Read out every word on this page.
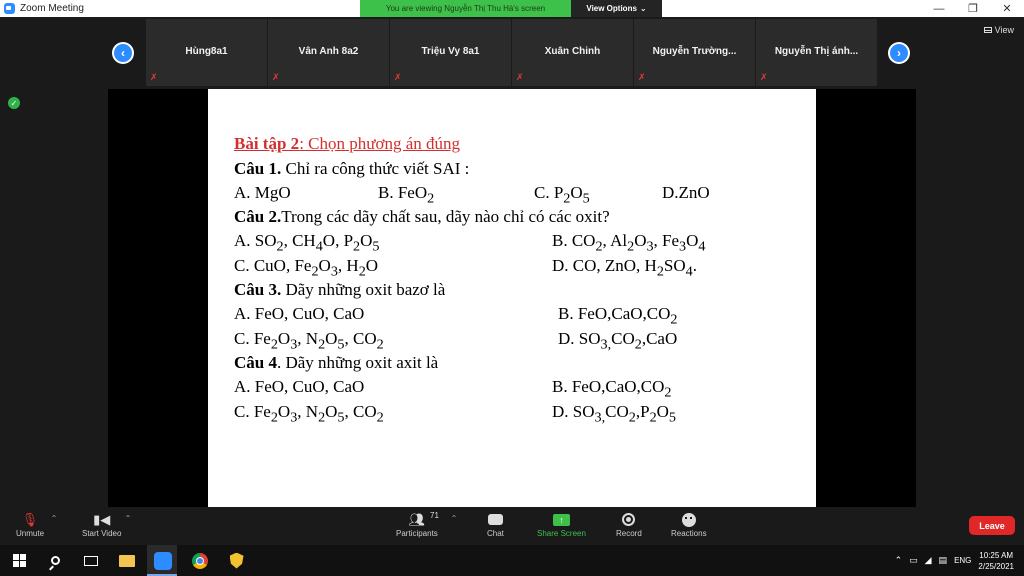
Zoom Meeting	You are viewing Nguyễn Thị Thu Hà's screen	View Options ⌄	—	❐	✕
View
‹	Hùng8a1
✗
Vân Anh 8a2
✗
Triệu Vy 8a1
✗
Xuân Chinh
✗
Nguyễn Trường...
✗
Nguyễn Thị ánh...
✗
›
✓
Bài tập 2: Chọn phương án đúng
Câu 1. Chỉ ra công thức viết SAI :
A. MgO	B. FeO$_2$	C. $P_2O_5$	D.ZnO
Câu 2.Trong các dãy chất sau, dãy nào chỉ có các oxit?
A. $SO_2$, $CH_4O$, $P_2O_5$	B. $CO_2$, $Al_2O_3$, $Fe_3O_4$
C. CuO, $Fe_2O_3$, $H_2O$	D. CO, ZnO, $H_2SO_4$.
Câu 3. Dãy những oxit bazơ là
A. FeO, CuO, CaO	B. $FeO,CaO,CO_2$
C. $Fe_2O_3$, $N_2O_5$, $CO_2$	D. $SO_{3,}CO_2,CaO$
Câu 4. Dãy những oxit axit là
A. FeO, CuO, CaO	B. $FeO,CaO,CO_2$
C. $Fe_2O_3$, $N_2O_5$, $CO_2$	D. $SO_{3,}CO_2,P_2O_5$
🎙︎
Unmute
⌃	▮◀
Start Video
⌃	👥︎
Participants
71 ⌃
Chat
↑
Share Screen	Record	Reactions
Leave
⌃ ▭ ◢ ▤ ENG
10:25 AM
2/25/2021
